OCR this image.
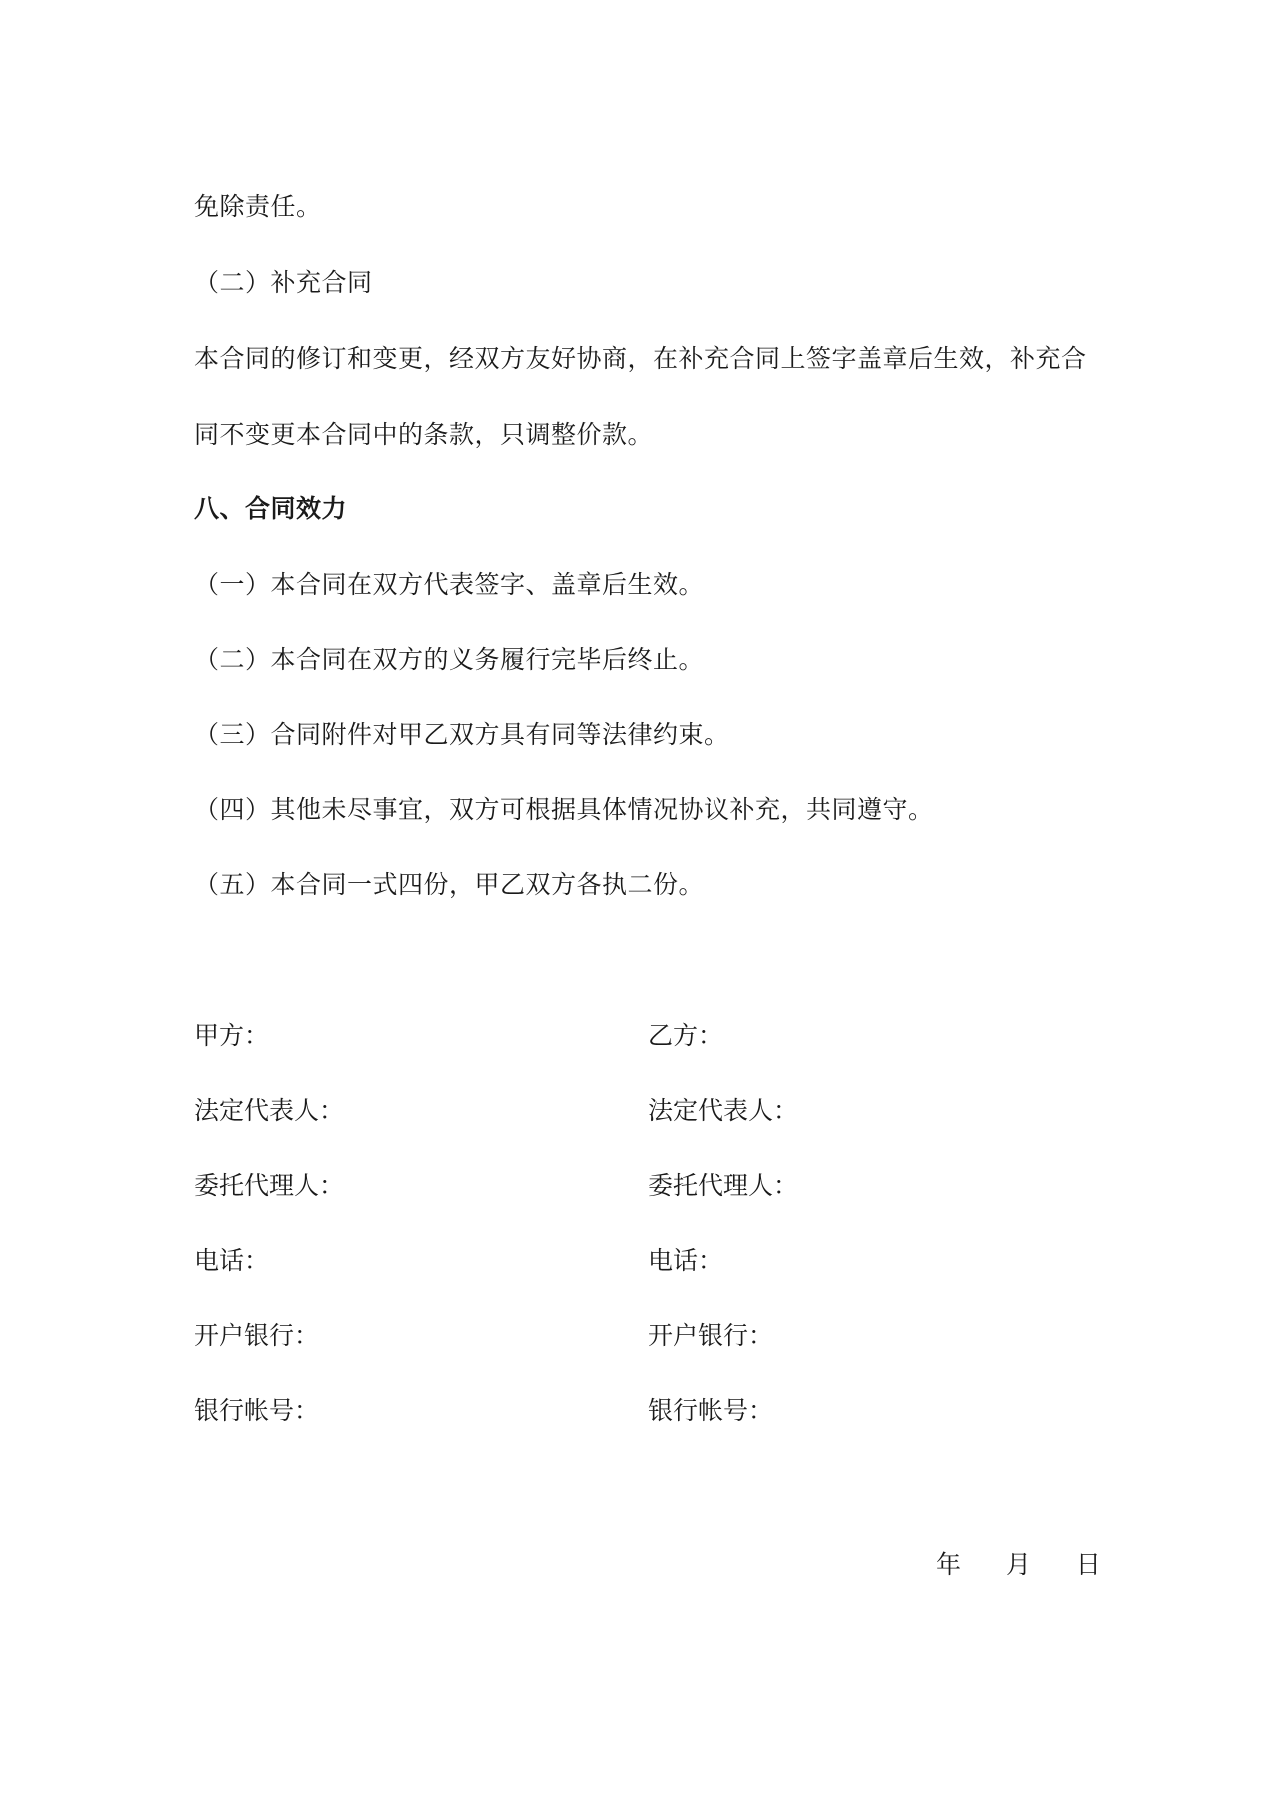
免除责任。
（二）补充合同
本合同的修订和变更，经双方友好协商，在补充合同上签字盖章后生效，补充合
同不变更本合同中的条款，只调整价款。
八、合同效力
（一）本合同在双方代表签字、盖章后生效。
（二）本合同在双方的义务履行完毕后终止。
（三）合同附件对甲乙双方具有同等法律约束。
（四）其他未尽事宜，双方可根据具体情况协议补充，共同遵守。
（五）本合同一式四份，甲乙双方各执二份。
甲方：	乙方：
法定代表人：	法定代表人：
委托代理人：	委托代理人：
电话：	电话：
开户银行：	开户银行：
银行帐号：	银行帐号：
年 月 日
